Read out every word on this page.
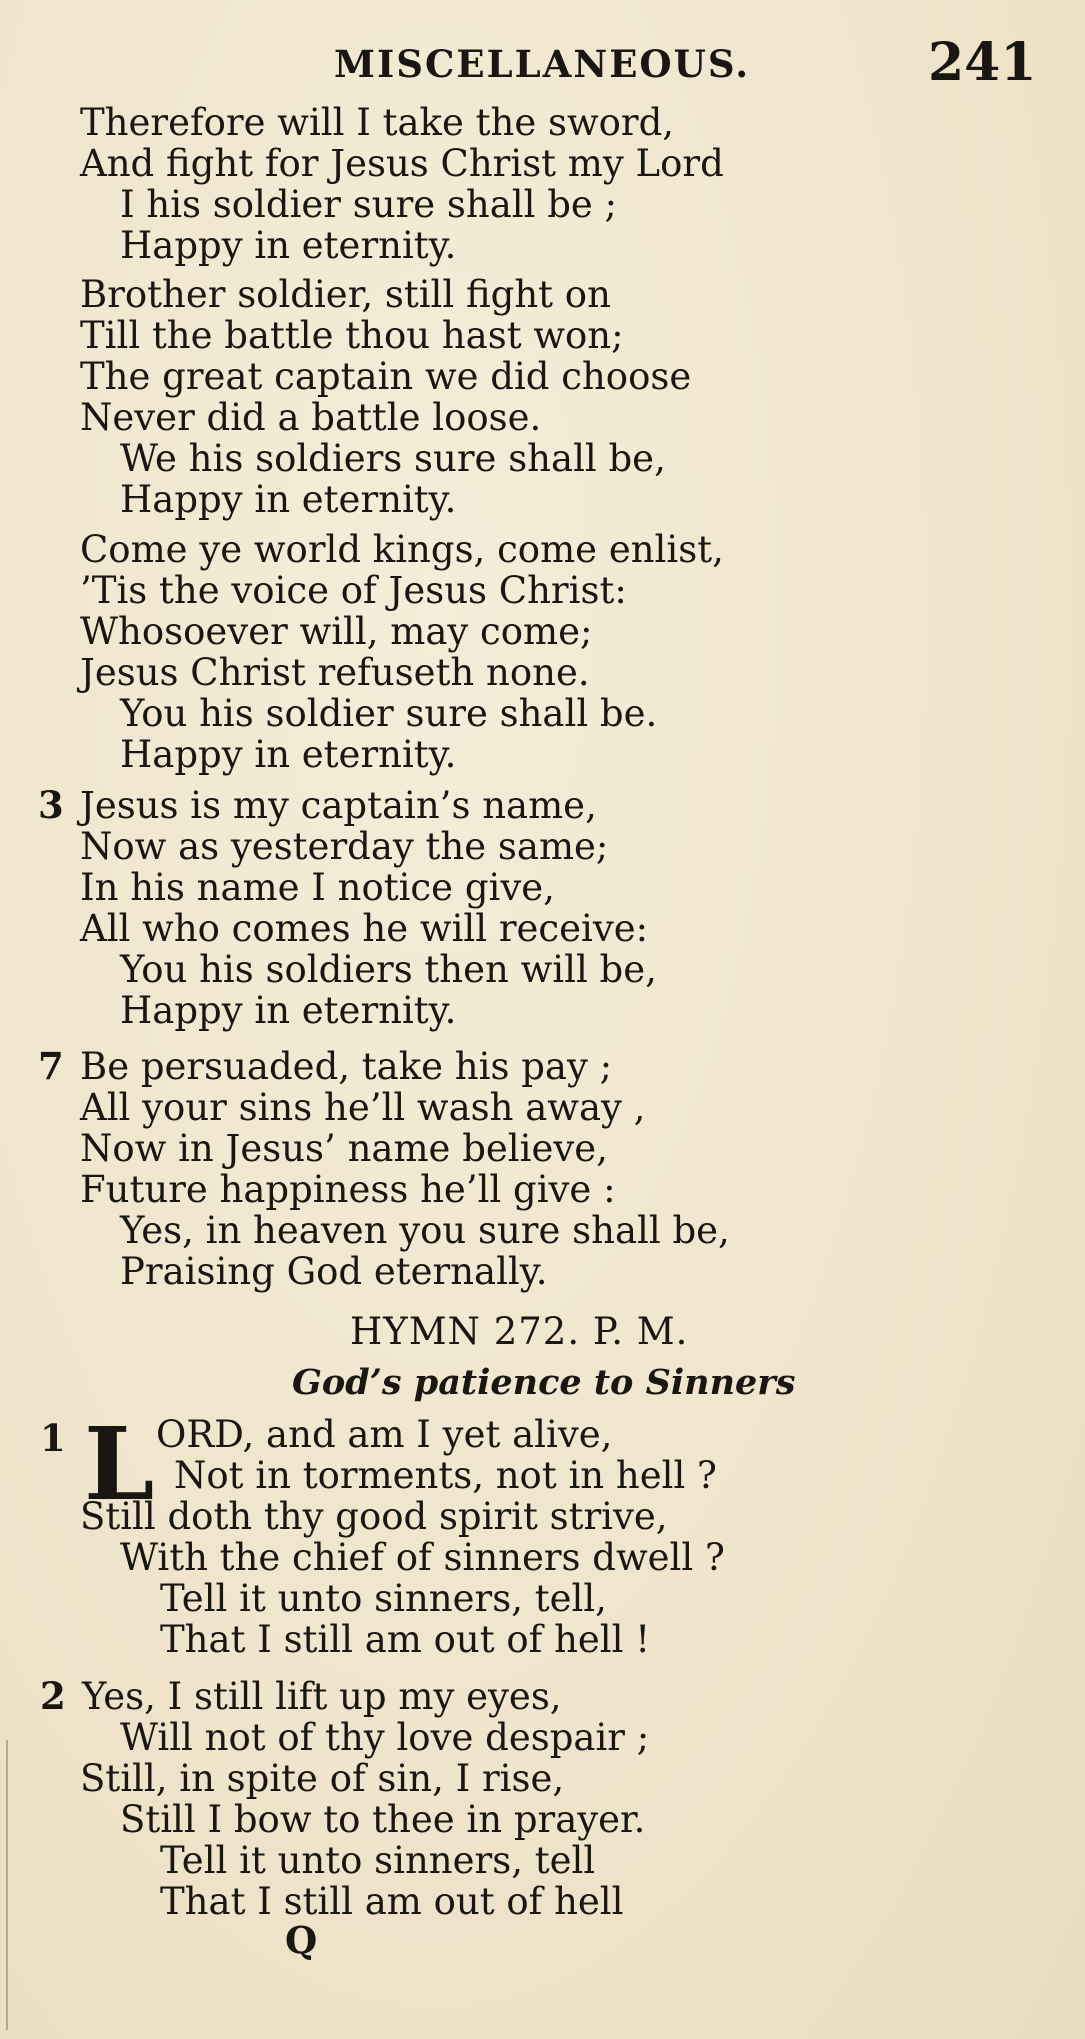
MISCELLANEOUS.	241
Therefore will I take the sword,
And fight for Jesus Christ my Lord
I his soldier sure shall be ;
Happy in eternity.
Brother soldier, still fight on
Till the battle thou hast won;
The great captain we did choose
Never did a battle loose.
We his soldiers sure shall be,
Happy in eternity.
Come ye world kings, come enlist,
’Tis the voice of Jesus Christ:
Whosoever will, may come;
Jesus Christ refuseth none.
You his soldier sure shall be.
Happy in eternity.
3 Jesus is my captain’s name,
Now as yesterday the same;
In his name I notice give,
All who comes he will receive:
You his soldiers then will be,
Happy in eternity.
7 Be persuaded, take his pay ;
All your sins he’ll wash away ,
Now in Jesus’ name believe,
Future happiness he’ll give :
Yes, in heaven you sure shall be,
Praising God eternally.
HYMN 272. P. M.
God’s patience to Sinners
1 L ORD, and am I yet alive,
Not in torments, not in hell ?
Still doth thy good spirit strive,
With the chief of sinners dwell ?
Tell it unto sinners, tell,
That I still am out of hell !
2 Yes, I still lift up my eyes,
Will not of thy love despair ;
Still, in spite of sin, I rise,
Still I bow to thee in prayer.
Tell it unto sinners, tell
That I still am out of hell
Q
